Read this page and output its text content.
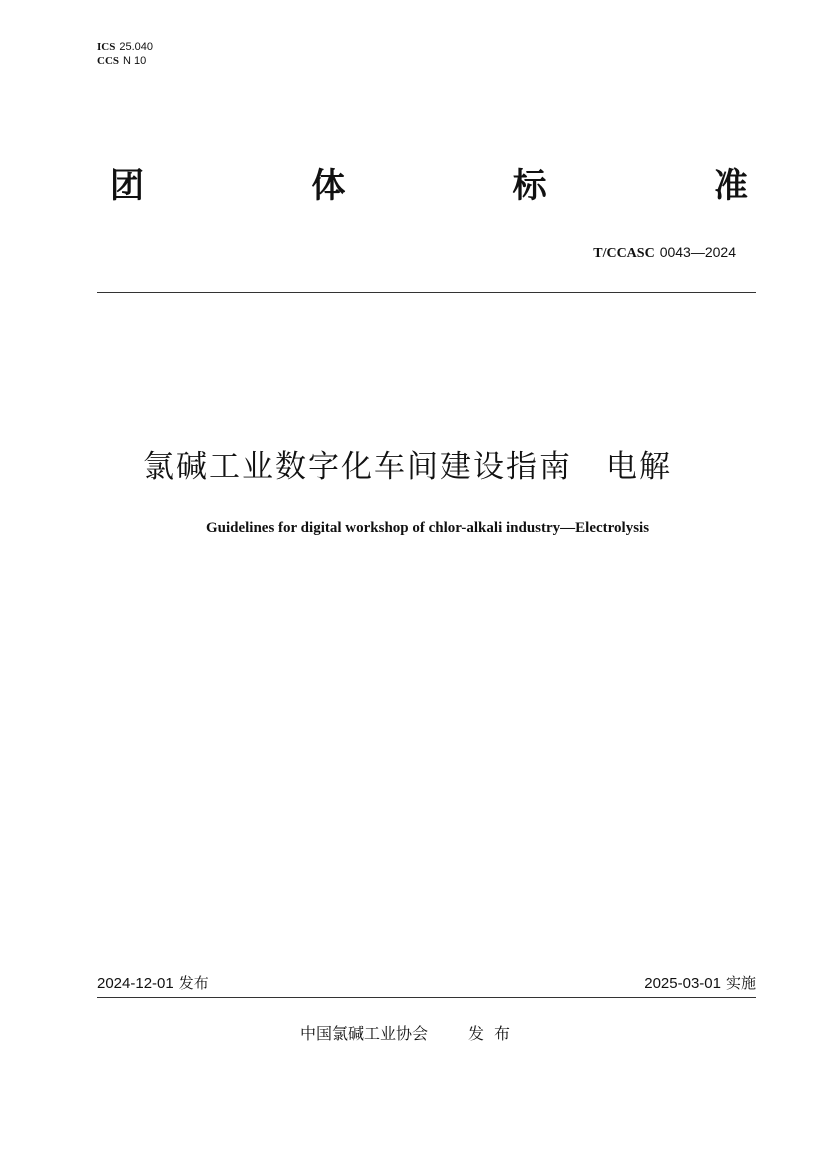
ICS 25.040
CCS N 10
团	体	标	准
T/CCASC 0043—2024
氯碱工业数字化车间建设指南 电解
Guidelines for digital workshop of chlor-alkali industry—Electrolysis
2024-12-01 发布	2025-03-01 实施
中国氯碱工业协会	发布
